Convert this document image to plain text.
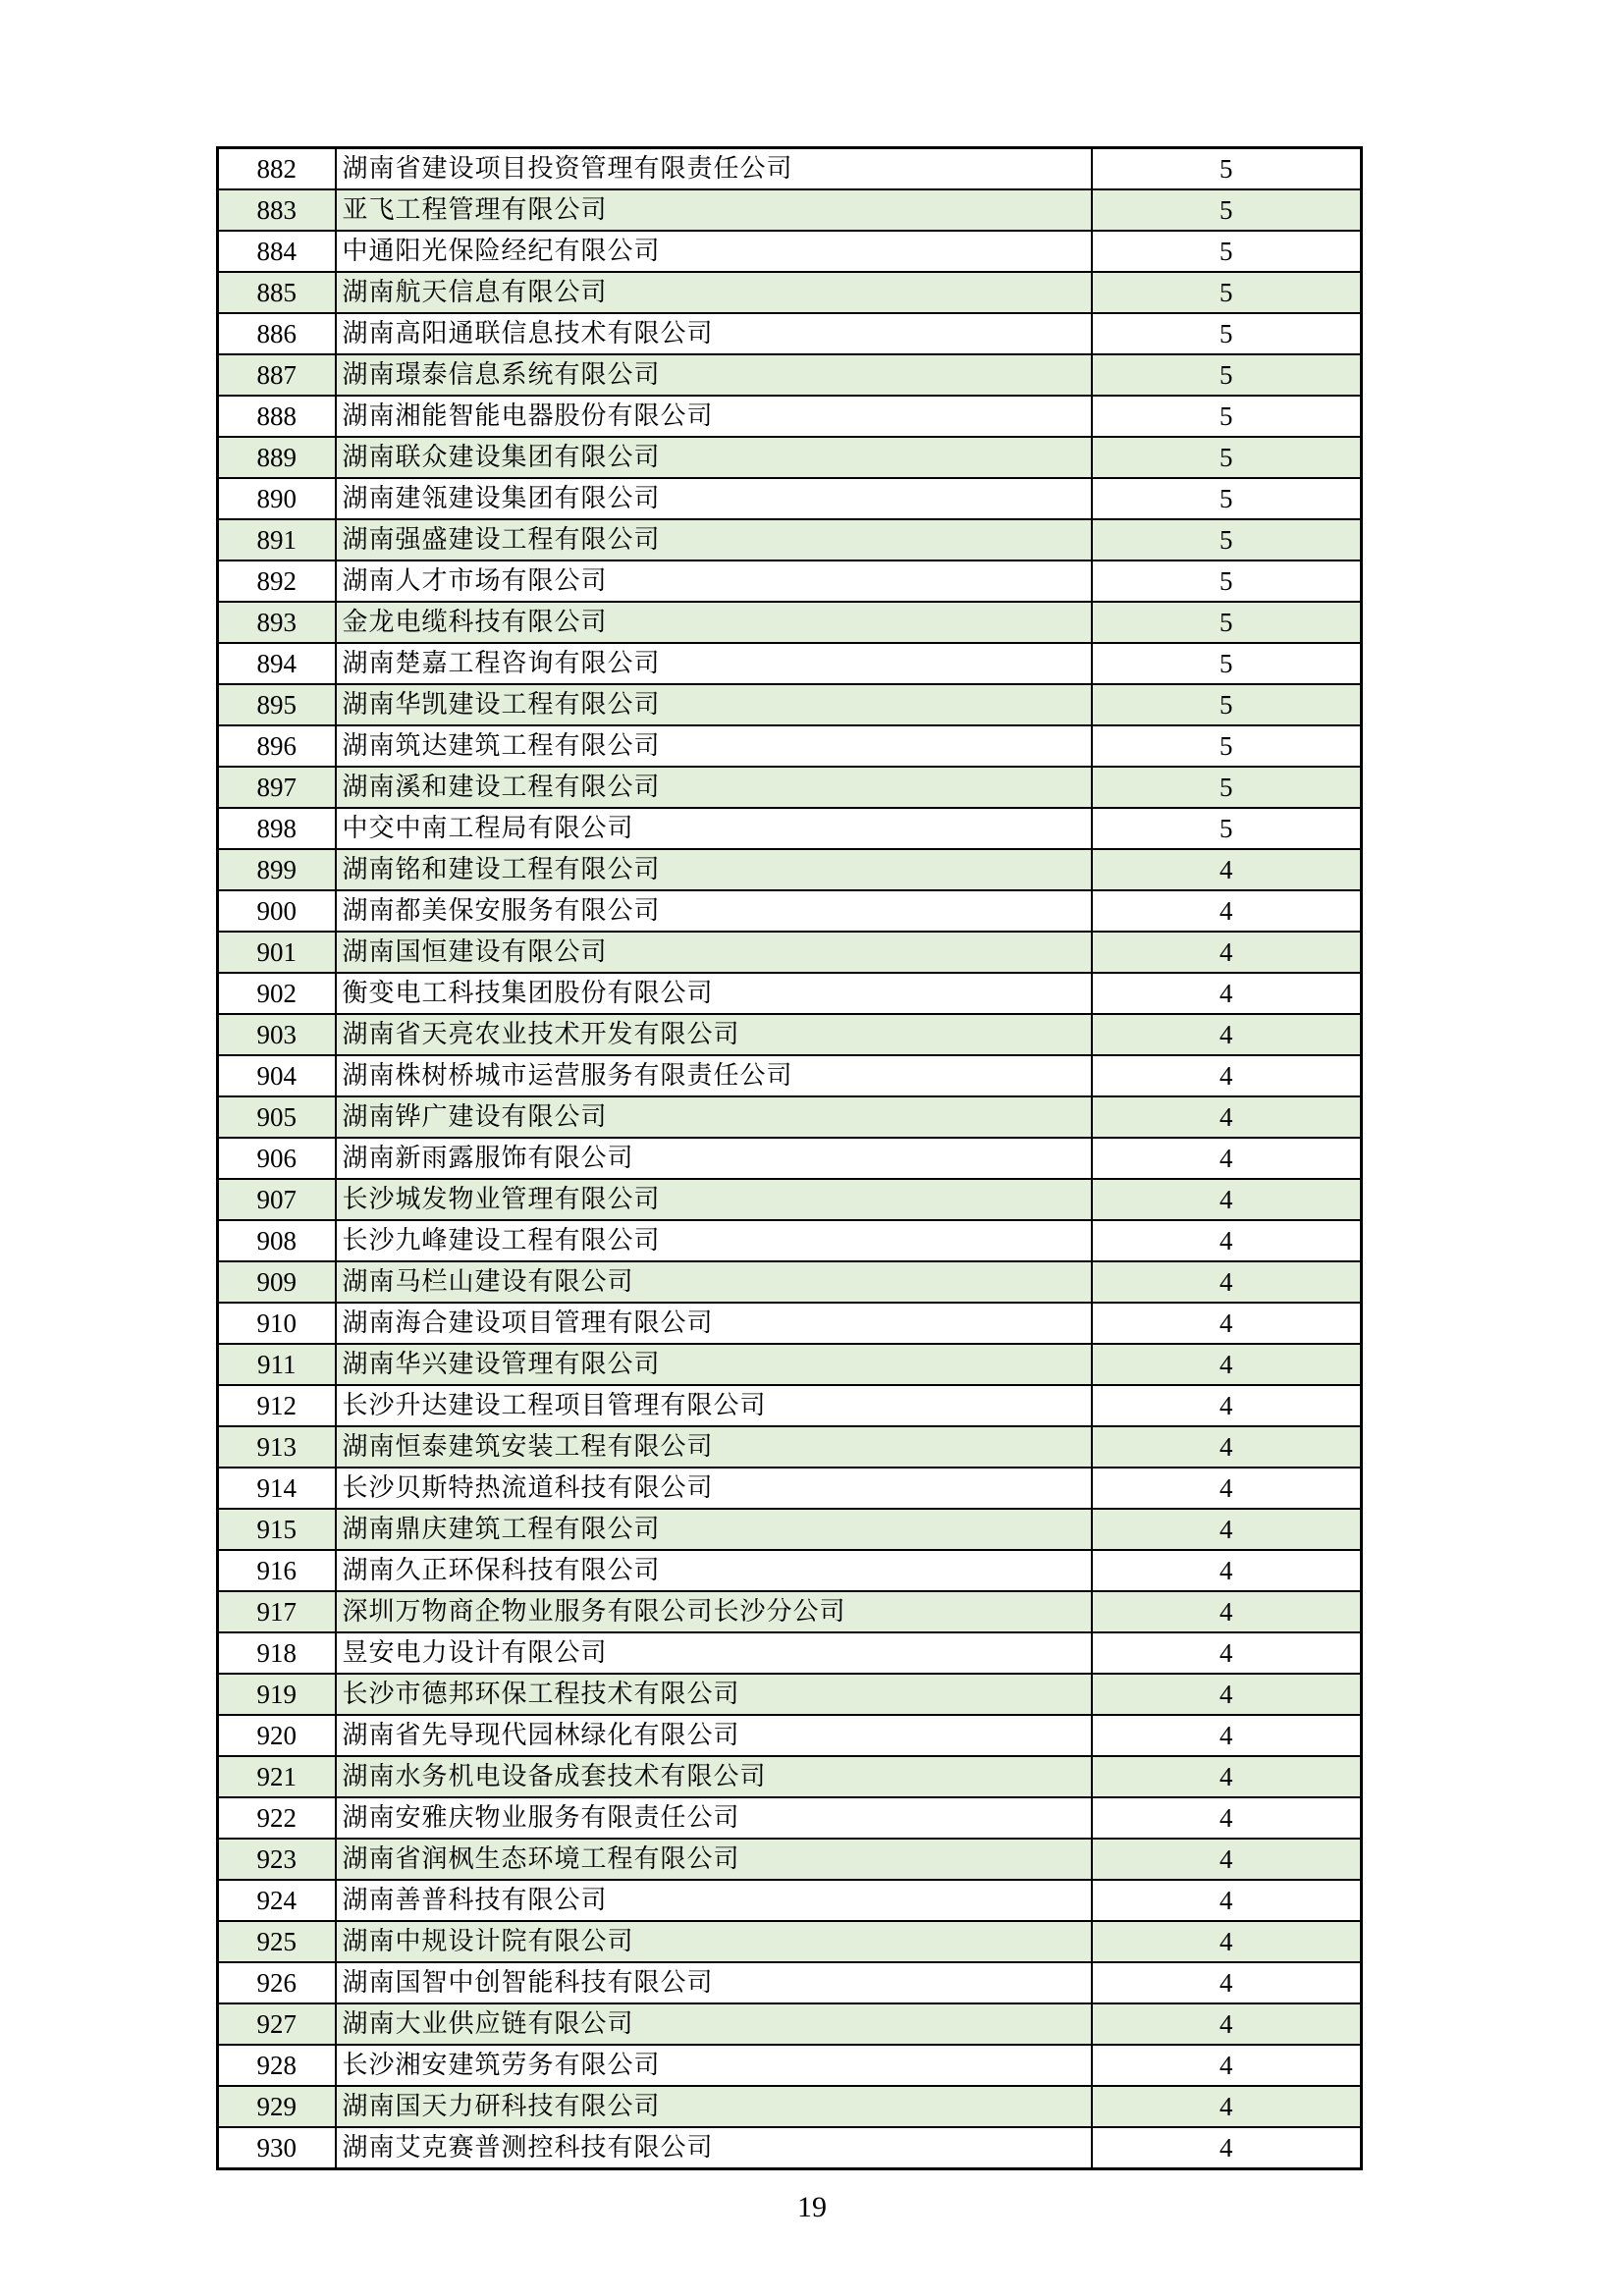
882	湖南省建设项目投资管理有限责任公司	5
883	亚飞工程管理有限公司	5
884	中通阳光保险经纪有限公司	5
885	湖南航天信息有限公司	5
886	湖南高阳通联信息技术有限公司	5
887	湖南璟泰信息系统有限公司	5
888	湖南湘能智能电器股份有限公司	5
889	湖南联众建设集团有限公司	5
890	湖南建瓴建设集团有限公司	5
891	湖南强盛建设工程有限公司	5
892	湖南人才市场有限公司	5
893	金龙电缆科技有限公司	5
894	湖南楚嘉工程咨询有限公司	5
895	湖南华凯建设工程有限公司	5
896	湖南筑达建筑工程有限公司	5
897	湖南溪和建设工程有限公司	5
898	中交中南工程局有限公司	5
899	湖南铭和建设工程有限公司	4
900	湖南都美保安服务有限公司	4
901	湖南国恒建设有限公司	4
902	衡变电工科技集团股份有限公司	4
903	湖南省天亮农业技术开发有限公司	4
904	湖南株树桥城市运营服务有限责任公司	4
905	湖南铧广建设有限公司	4
906	湖南新雨露服饰有限公司	4
907	长沙城发物业管理有限公司	4
908	长沙九峰建设工程有限公司	4
909	湖南马栏山建设有限公司	4
910	湖南海合建设项目管理有限公司	4
911	湖南华兴建设管理有限公司	4
912	长沙升达建设工程项目管理有限公司	4
913	湖南恒泰建筑安装工程有限公司	4
914	长沙贝斯特热流道科技有限公司	4
915	湖南鼎庆建筑工程有限公司	4
916	湖南久正环保科技有限公司	4
917	深圳万物商企物业服务有限公司长沙分公司	4
918	昱安电力设计有限公司	4
919	长沙市德邦环保工程技术有限公司	4
920	湖南省先导现代园林绿化有限公司	4
921	湖南水务机电设备成套技术有限公司	4
922	湖南安雅庆物业服务有限责任公司	4
923	湖南省润枫生态环境工程有限公司	4
924	湖南善普科技有限公司	4
925	湖南中规设计院有限公司	4
926	湖南国智中创智能科技有限公司	4
927	湖南大业供应链有限公司	4
928	长沙湘安建筑劳务有限公司	4
929	湖南国天力研科技有限公司	4
930	湖南艾克赛普测控科技有限公司	4
19
